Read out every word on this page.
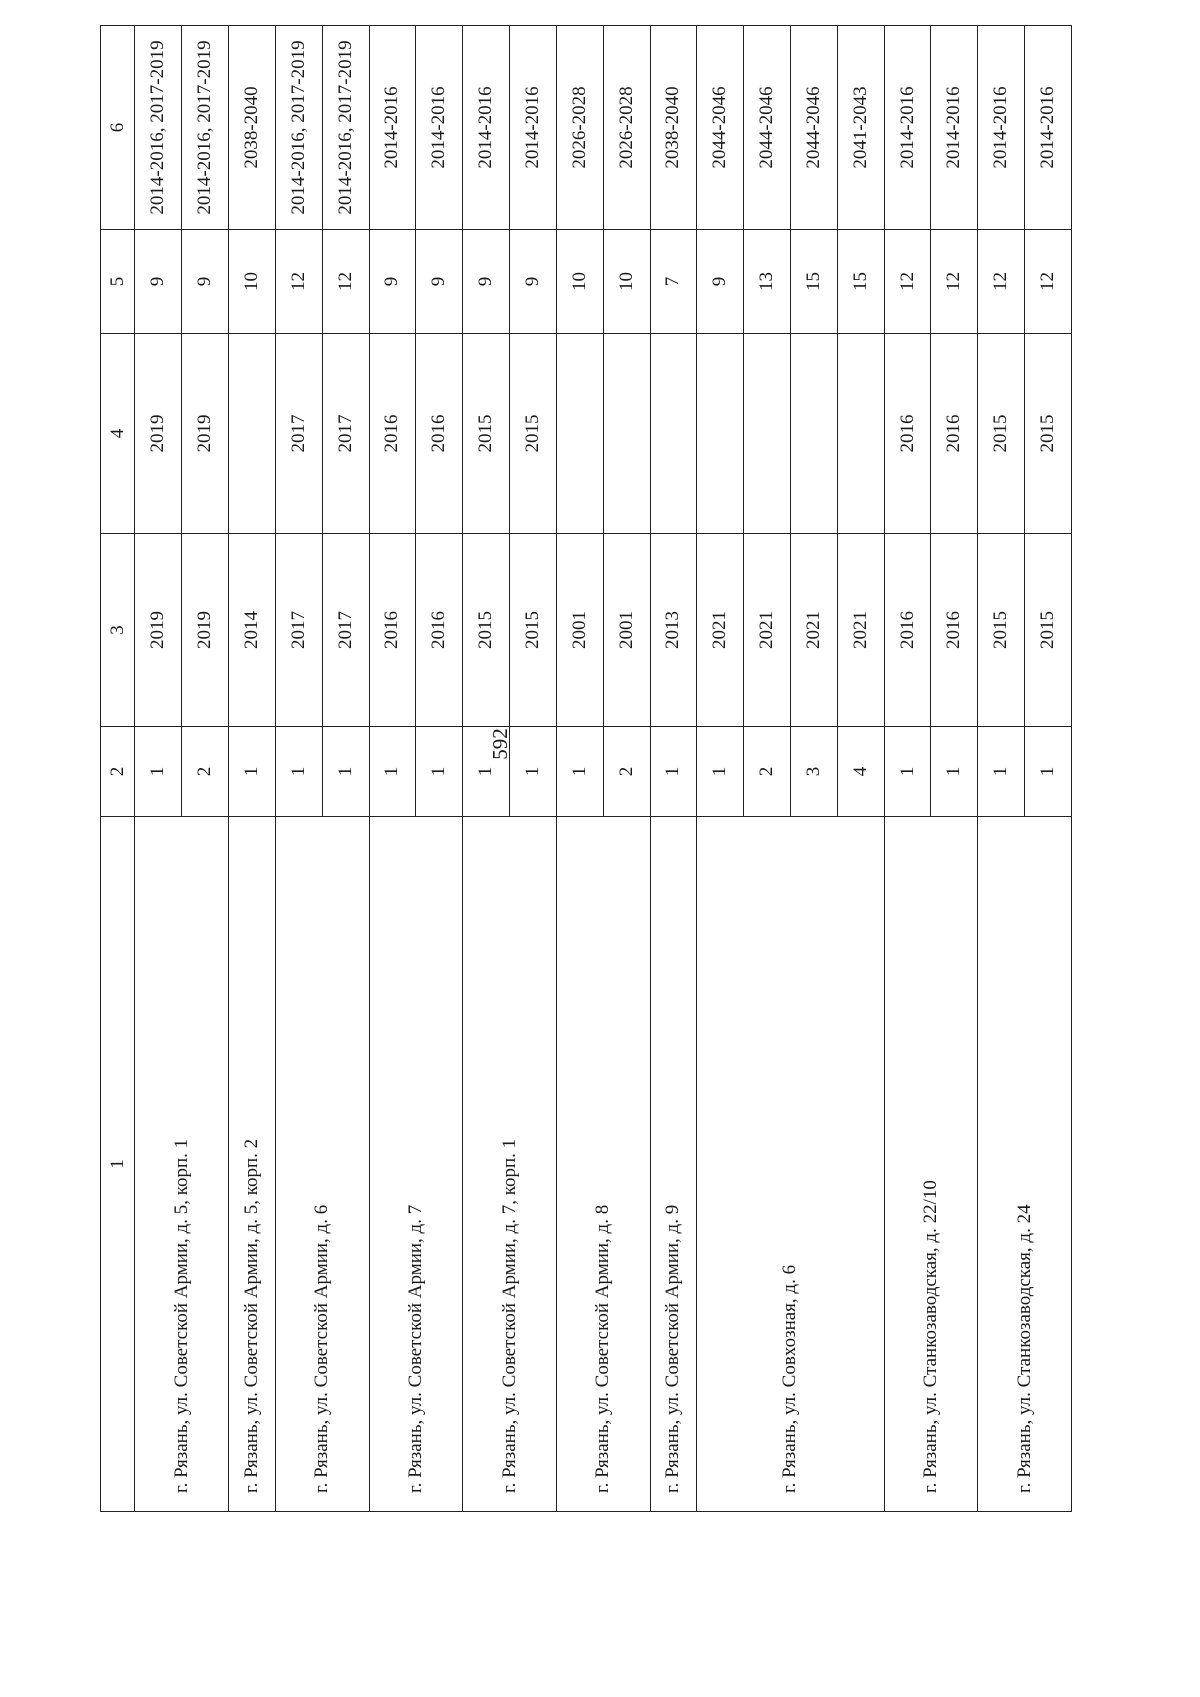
592
1	2	3	4	5	6
г. Рязань, ул. Советской Армии, д. 5, корп. 1	1	2019	2019	9	2014-2016, 2017-2019
	2	2019	2019	9	2014-2016, 2017-2019
г. Рязань, ул. Советской Армии, д. 5, корп. 2	1	2014		10	2038-2040
г. Рязань, ул. Советской Армии, д. 6	1	2017	2017	12	2014-2016, 2017-2019
	1	2017	2017	12	2014-2016, 2017-2019
г. Рязань, ул. Советской Армии, д. 7	1	2016	2016	9	2014-2016
	1	2016	2016	9	2014-2016
г. Рязань, ул. Советской Армии, д. 7, корп. 1	1	2015	2015	9	2014-2016
	1	2015	2015	9	2014-2016
г. Рязань, ул. Советской Армии, д. 8	1	2001		10	2026-2028
	2	2001		10	2026-2028
г. Рязань, ул. Советской Армии, д. 9	1	2013		7	2038-2040
г. Рязань, ул. Совхозная, д. 6	1	2021		9	2044-2046
	2	2021		13	2044-2046
	3	2021		15	2044-2046
	4	2021		15	2041-2043
г. Рязань, ул. Станкозаводская, д. 22/10	1	2016	2016	12	2014-2016
	1	2016	2016	12	2014-2016
г. Рязань, ул. Станкозаводская, д. 24	1	2015	2015	12	2014-2016
	1	2015	2015	12	2014-2016
